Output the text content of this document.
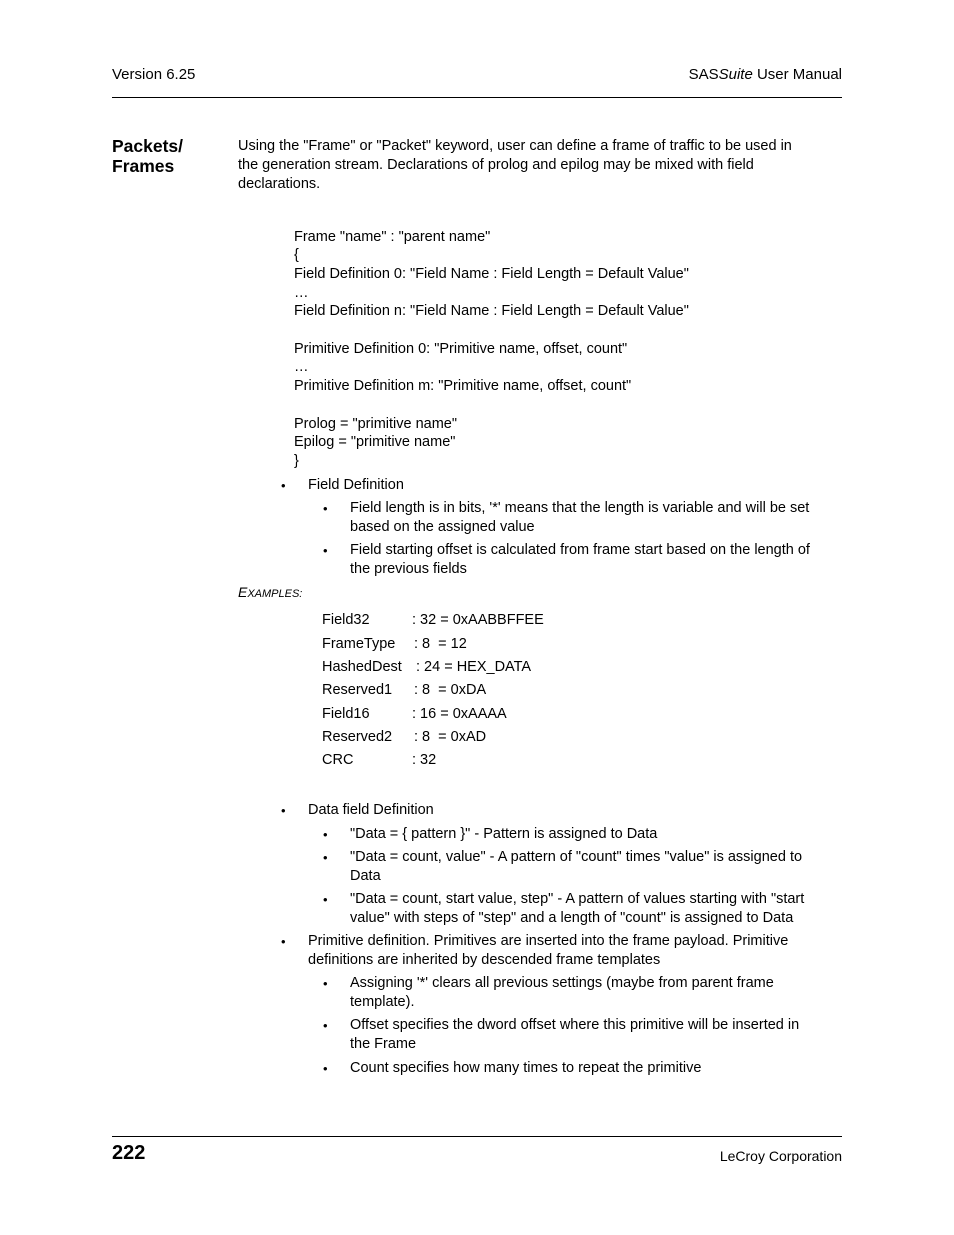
Version 6.25	SASSuite User Manual
Packets/
Frames
Using the "Frame" or "Packet" keyword, user can define a frame of traffic to be used in
the generation stream. Declarations of prolog and epilog may be mixed with field
declarations.
Frame "name" : "parent name"
{
Field Definition 0: "Field Name : Field Length = Default Value"
…
Field Definition n: "Field Name : Field Length = Default Value"
Primitive Definition 0: "Primitive name, offset, count"
…
Primitive Definition m: "Primitive name, offset, count"
Prolog = "primitive name"
Epilog = "primitive name"
}
• Field Definition
• Field length is in bits, '*' means that the length is variable and will be set
based on the assigned value
• Field starting offset is calculated from frame start based on the length of
the previous fields
EXAMPLES:
Field32	: 32 = 0xAABBFFEE
FrameType : 8  = 12
HashedDest : 24 = HEX_DATA
Reserved1 : 8  = 0xDA
Field16	: 16 = 0xAAAA
Reserved2 : 8  = 0xAD
CRC	: 32
• Data field Definition
• "Data = { pattern }" - Pattern is assigned to Data
• "Data = count, value" - A pattern of "count" times "value" is assigned to
Data
• "Data = count, start value, step" - A pattern of values starting with "start
value" with steps of "step" and a length of "count" is assigned to Data
• Primitive definition. Primitives are inserted into the frame payload. Primitive
definitions are inherited by descended frame templates
• Assigning '*' clears all previous settings (maybe from parent frame
template).
• Offset specifies the dword offset where this primitive will be inserted in
the Frame
• Count specifies how many times to repeat the primitive
222	LeCroy Corporation
